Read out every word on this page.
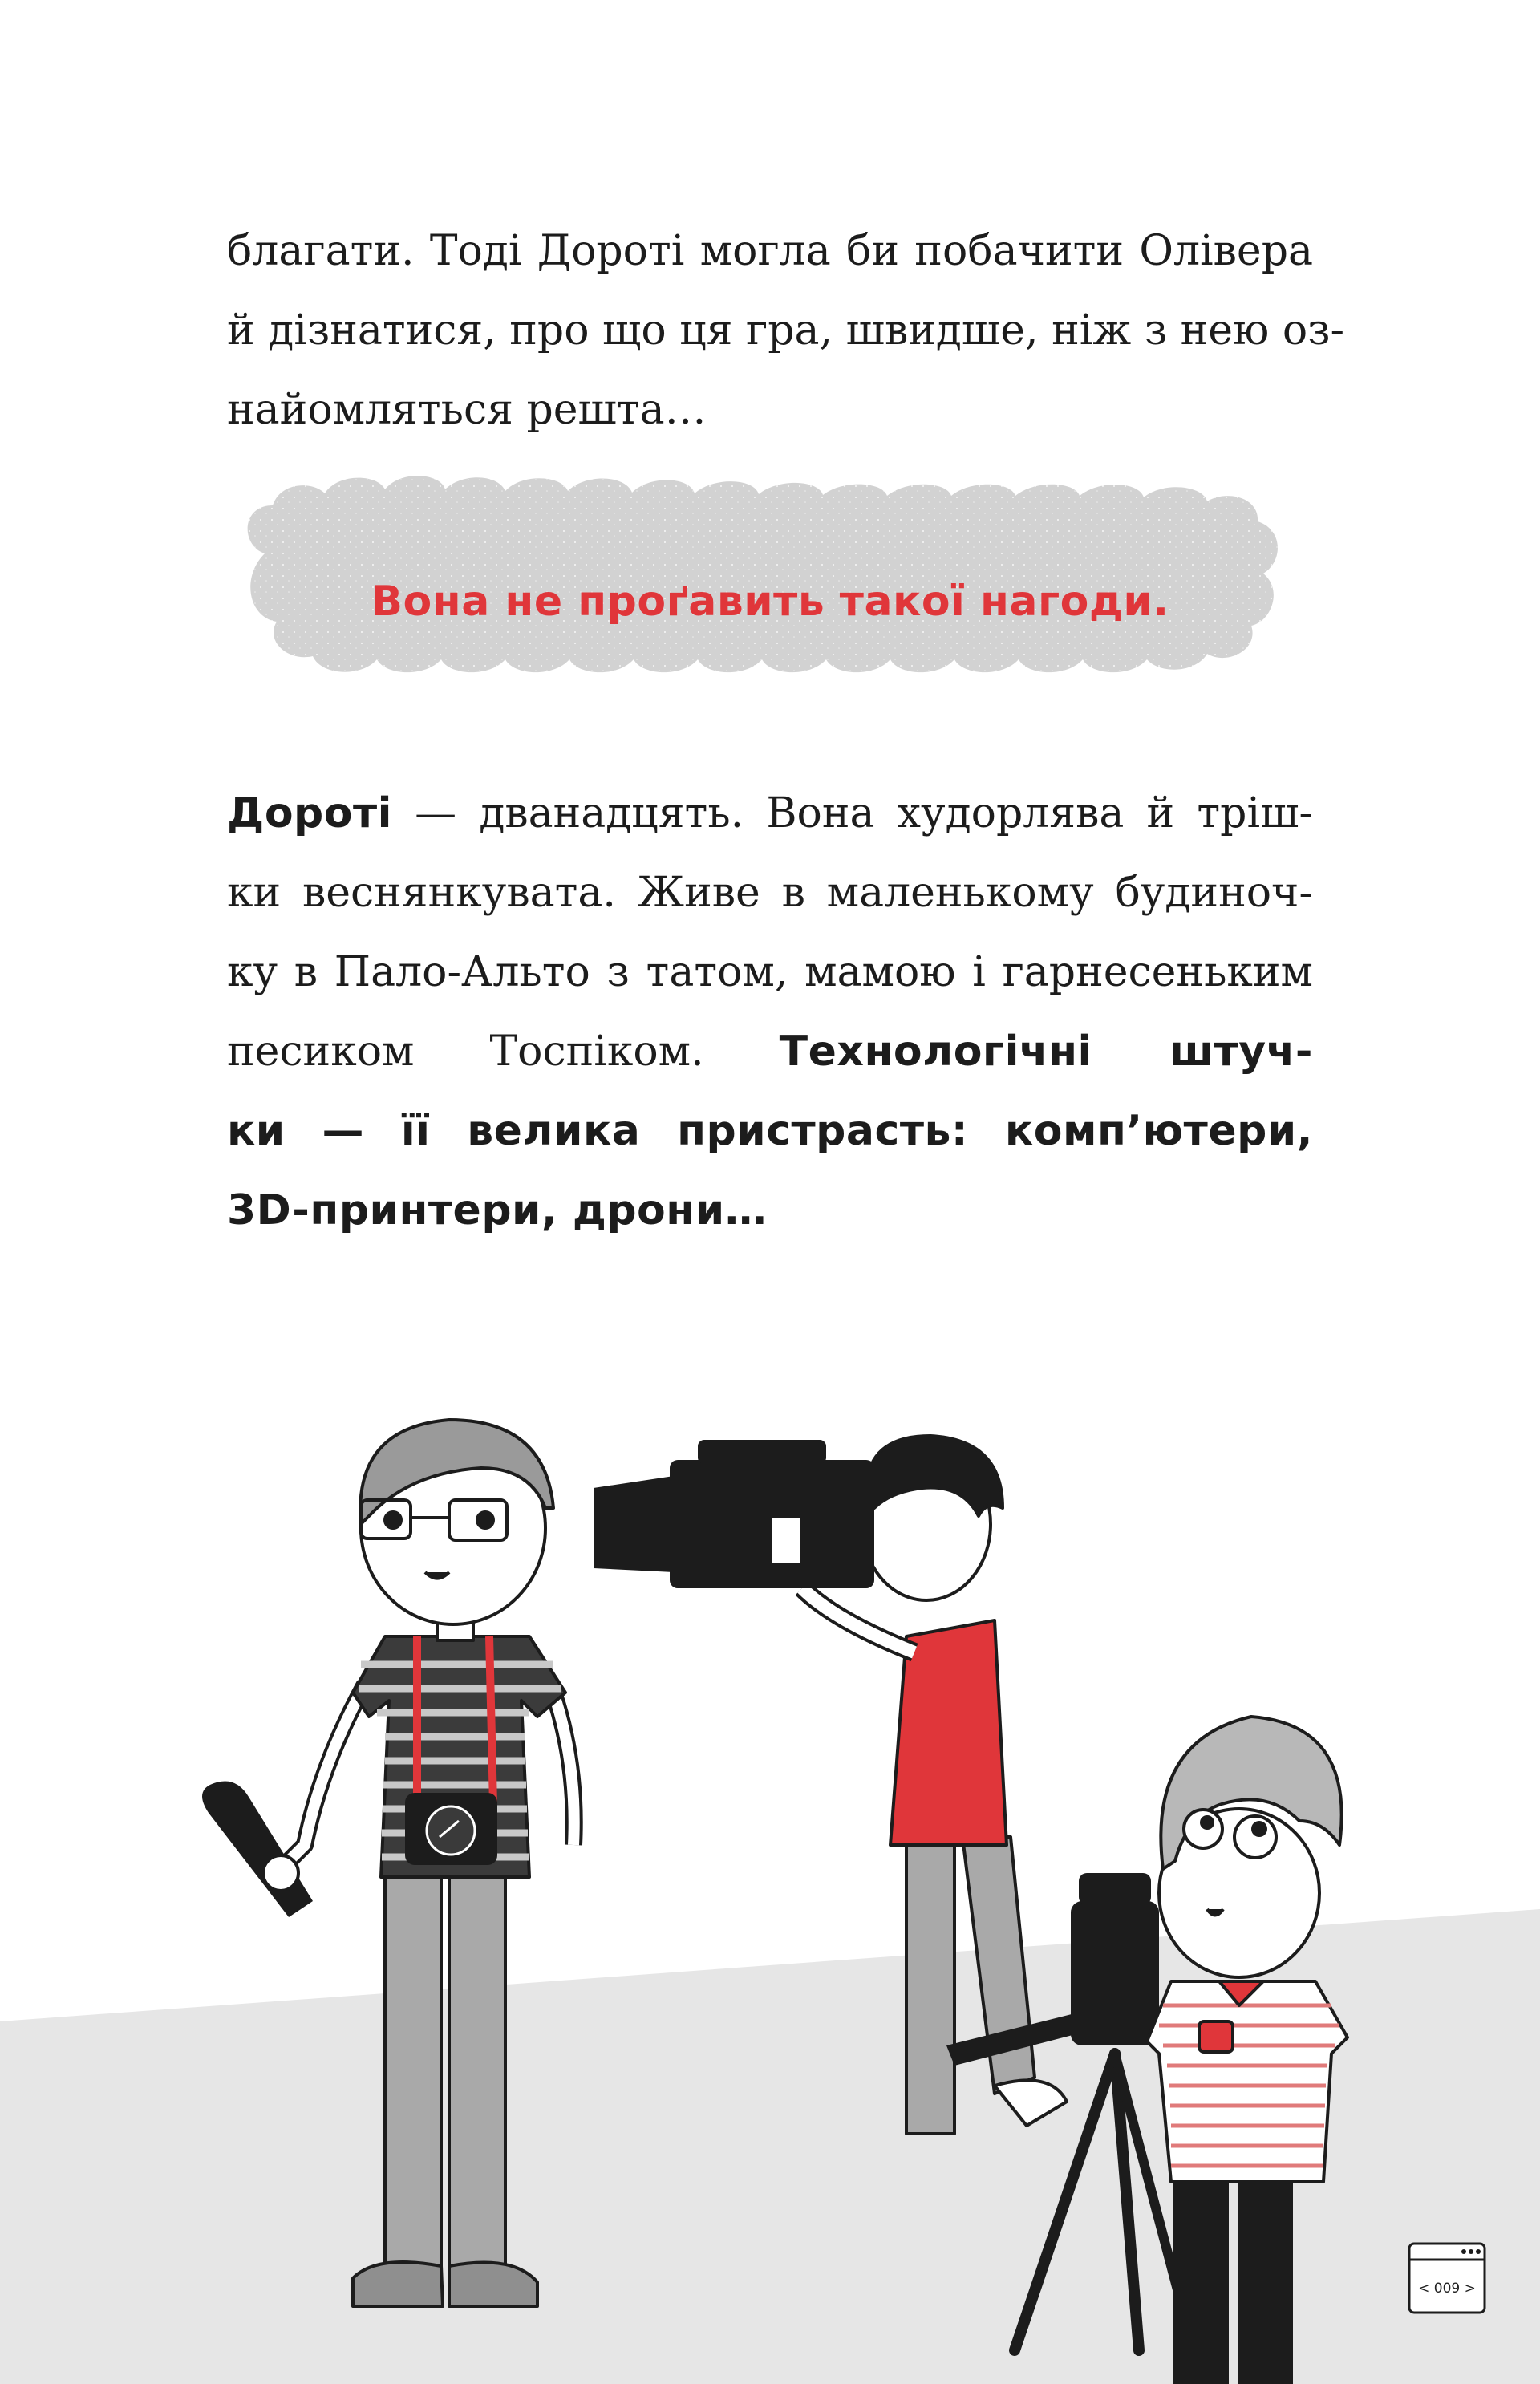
благати. Тоді Дороті могла би побачити Олівера
й дізнатися, про що ця гра, швидше, ніж з нею оз-
найомляться решта…
Вона не проґавить такої нагоди.
Дороті — дванадцять. Вона худорлява й тріш-
ки веснянкувата. Живе в маленькому будиноч-
ку в Пало-Альто з татом, мамою і гарнесеньким
песиком Тоспіком. Технологічні штуч-
ки — її велика пристрасть: комп’ютери,
3D-принтери, дрони…
< 009 >
